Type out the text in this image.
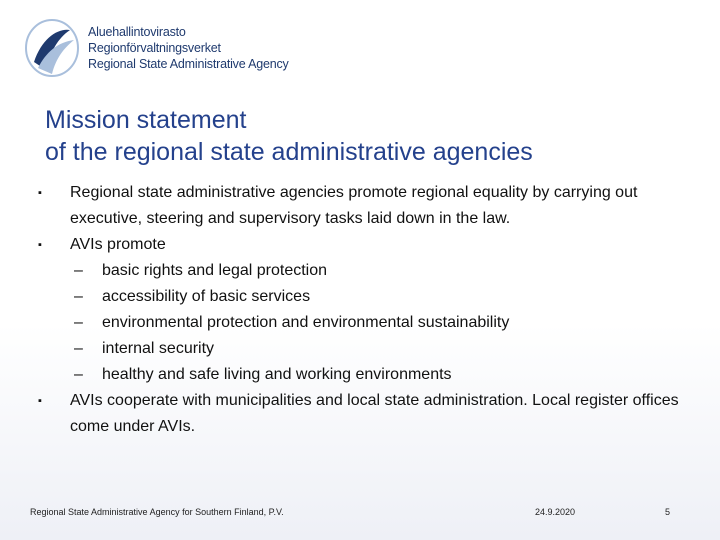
Aluehallintovirasto
Regionförvaltningsverket
Regional State Administrative Agency
Mission statement
of the regional state administrative agencies
▪	Regional state administrative agencies promote regional equality by carrying out executive, steering and supervisory tasks laid down in the law.
▪	AVIs promote
–	basic rights and legal protection
–	accessibility of basic services
–	environmental protection and environmental sustainability
–	internal security
–	healthy and safe living and working environments
▪	AVIs cooperate with municipalities and local state administration. Local register offices come under AVIs.
Regional State Administrative Agency for Southern Finland, P.V.	24.9.2020	5
